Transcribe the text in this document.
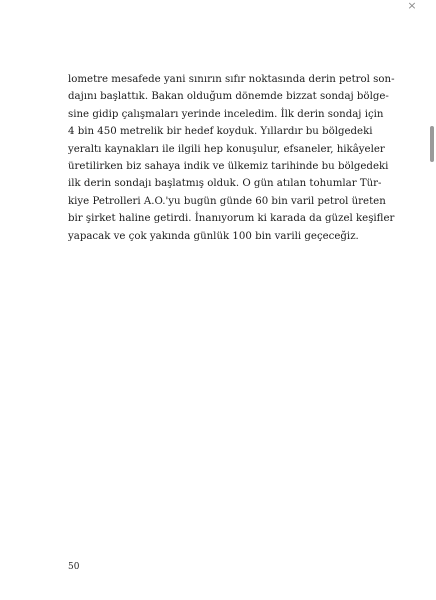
lometre mesafede yani sınırın sıfır noktasında derin petrol son-
dajını başlattık. Bakan olduğum dönemde bizzat sondaj bölge-
sine gidip çalışmaları yerinde inceledim. İlk derin sondaj için
4 bin 450 metrelik bir hedef koyduk. Yıllardır bu bölgedeki
yeraltı kaynakları ile ilgili hep konuşulur, efsaneler, hikâyeler
üretilirken biz sahaya indik ve ülkemiz tarihinde bu bölgedeki
ilk derin sondajı başlatmış olduk. O gün atılan tohumlar Tür-
kiye Petrolleri A.O.'yu bugün günde 60 bin varil petrol üreten
bir şirket haline getirdi. İnanıyorum ki karada da güzel keşifler
yapacak ve çok yakında günlük 100 bin varili geçeceğiz.
50
×
